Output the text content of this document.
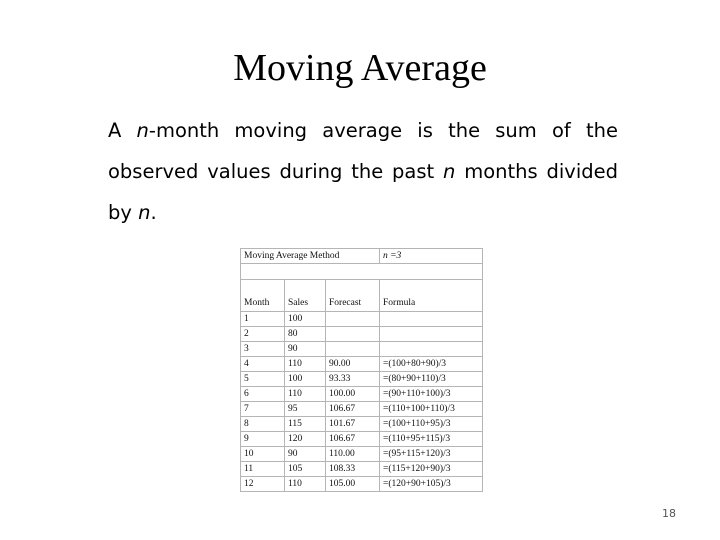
Moving Average
A n-month moving average is the sum of the observed values during the past n months divided by n.
Moving Average Method			n =3

Month	Sales	Forecast	Formula
1	100		
2	80		
3	90		
4	110	90.00	=(100+80+90)/3
5	100	93.33	=(80+90+110)/3
6	110	100.00	=(90+110+100)/3
7	95	106.67	=(110+100+110)/3
8	115	101.67	=(100+110+95)/3
9	120	106.67	=(110+95+115)/3
10	90	110.00	=(95+115+120)/3
11	105	108.33	=(115+120+90)/3
12	110	105.00	=(120+90+105)/3
18
